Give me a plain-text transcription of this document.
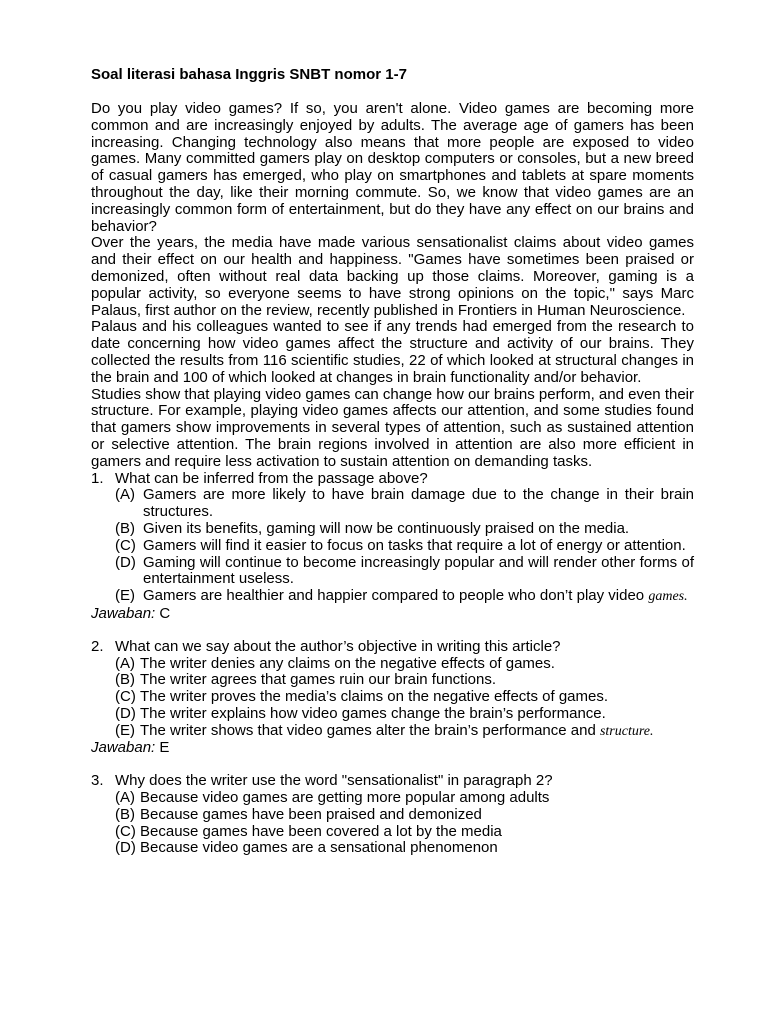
Soal literasi bahasa Inggris SNBT nomor 1-7

Do you play video games? If so, you aren't alone. Video games are becoming more common and are increasingly enjoyed by adults. The average age of gamers has been increasing. Changing technology also means that more people are exposed to video games. Many committed gamers play on desktop computers or consoles, but a new breed of casual gamers has emerged, who play on smartphones and tablets at spare moments throughout the day, like their morning commute. So, we know that video games are an increasingly common form of entertainment, but do they have any effect on our brains and behavior?

Over the years, the media have made various sensationalist claims about video games and their effect on our health and happiness. "Games have sometimes been praised or demonized, often without real data backing up those claims. Moreover, gaming is a popular activity, so everyone seems to have strong opinions on the topic," says Marc Palaus, first author on the review, recently published in Frontiers in Human Neuroscience.

Palaus and his colleagues wanted to see if any trends had emerged from the research to date concerning how video games affect the structure and activity of our brains. They collected the results from 116 scientific studies, 22 of which looked at structural changes in the brain and 100 of which looked at changes in brain functionality and/or behavior.

Studies show that playing video games can change how our brains perform, and even their structure. For example, playing video games affects our attention, and some studies found that gamers show improvements in several types of attention, such as sustained attention or selective attention. The brain regions involved in attention are also more efficient in gamers and require less activation to sustain attention on demanding tasks.

1. What can be inferred from the passage above?
(A) Gamers are more likely to have brain damage due to the change in their brain structures.
(B) Given its benefits, gaming will now be continuously praised on the media.
(C) Gamers will find it easier to focus on tasks that require a lot of energy or attention.
(D) Gaming will continue to become increasingly popular and will render other forms of entertainment useless.
(E) Gamers are healthier and happier compared to people who don’t play video games.
Jawaban: C
2. What can we say about the author’s objective in writing this article?
(A) The writer denies any claims on the negative effects of games.
(B) The writer agrees that games ruin our brain functions.
(C) The writer proves the media’s claims on the negative effects of games.
(D) The writer explains how video games change the brain’s performance.
(E) The writer shows that video games alter the brain’s performance and structure.
Jawaban: E
3. Why does the writer use the word "sensationalist" in paragraph 2?
(A) Because video games are getting more popular among adults
(B) Because games have been praised and demonized
(C) Because games have been covered a lot by the media
(D) Because video games are a sensational phenomenon
